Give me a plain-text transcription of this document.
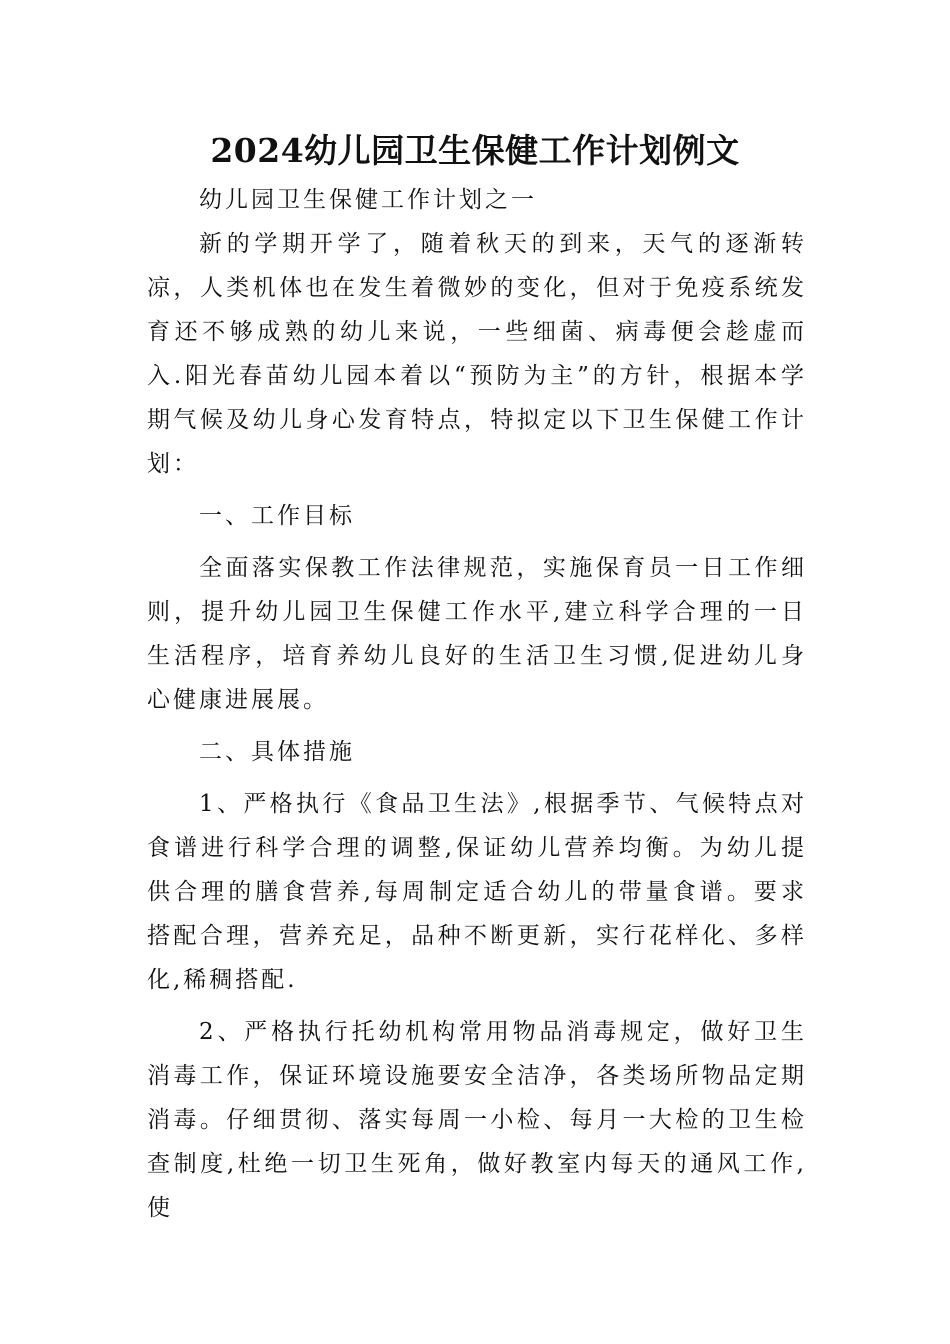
2024幼儿园卫生保健工作计划例文

幼儿园卫生保健工作计划之一

新的学期开学了，随着秋天的到来，天气的逐渐转凉，人类机体也在发生着微妙的变化，但对于免疫系统发育还不够成熟的幼儿来说，一些细菌、病毒便会趁虚而入.阳光春苗幼儿园本着以“预防为主”的方针，根据本学期气候及幼儿身心发育特点，特拟定以下卫生保健工作计划：

一、工作目标

全面落实保教工作法律规范，实施保育员一日工作细则，提升幼儿园卫生保健工作水平,建立科学合理的一日生活程序，培育养幼儿良好的生活卫生习惯,促进幼儿身心健康进展展。

二、具体措施

1、严格执行《食品卫生法》,根据季节、气候特点对食谱进行科学合理的调整,保证幼儿营养均衡。为幼儿提供合理的膳食营养,每周制定适合幼儿的带量食谱。要求搭配合理，营养充足，品种不断更新，实行花样化、多样化,稀稠搭配.

2、严格执行托幼机构常用物品消毒规定，做好卫生消毒工作，保证环境设施要安全洁净，各类场所物品定期消毒。仔细贯彻、落实每周一小检、每月一大检的卫生检查制度,杜绝一切卫生死角，做好教室内每天的通风工作,使
